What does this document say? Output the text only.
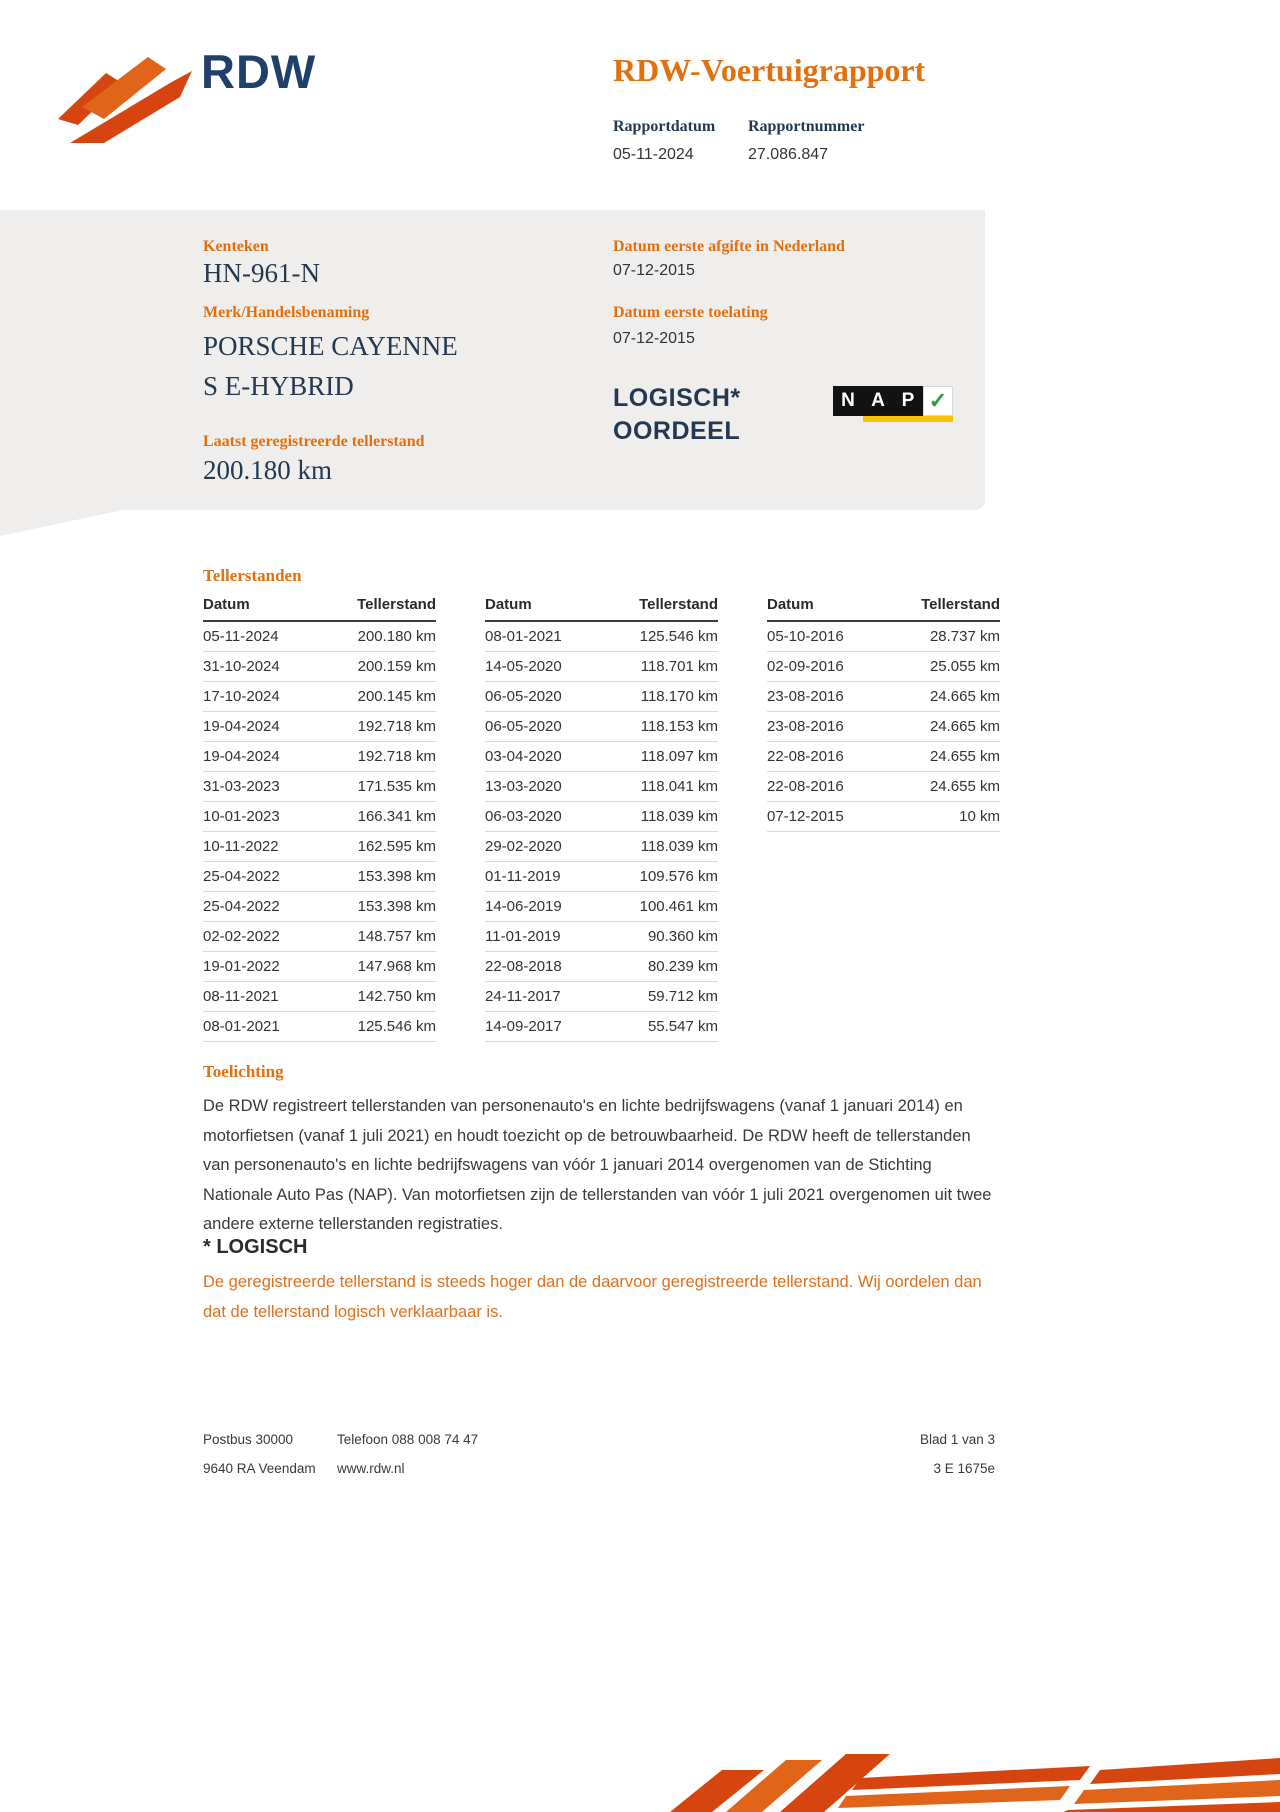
RDW	RDW-Voertuigrapport
Rapportdatum Rapportnummer
05-11-2024	27.086.847
Kenteken
HN-961-N
Merk/Handelsbenaming
PORSCHE CAYENNE
S E-HYBRID
Laatst geregistreerde tellerstand
200.180 km
Datum eerste afgifte in Nederland
07-12-2015
Datum eerste toelating
07-12-2015
LOGISCH*
OORDEEL
N A P ✓
Tellerstanden
Datum	Tellerstand
05-11-2024	200.180 km
31-10-2024	200.159 km
17-10-2024	200.145 km
19-04-2024	192.718 km
19-04-2024	192.718 km
31-03-2023	171.535 km
10-01-2023	166.341 km
10-11-2022	162.595 km
25-04-2022	153.398 km
25-04-2022	153.398 km
02-02-2022	148.757 km
19-01-2022	147.968 km
08-11-2021	142.750 km
08-01-2021	125.546 km
Datum	Tellerstand
08-01-2021	125.546 km
14-05-2020	118.701 km
06-05-2020	118.170 km
06-05-2020	118.153 km
03-04-2020	118.097 km
13-03-2020	118.041 km
06-03-2020	118.039 km
29-02-2020	118.039 km
01-11-2019	109.576 km
14-06-2019	100.461 km
11-01-2019	90.360 km
22-08-2018	80.239 km
24-11-2017	59.712 km
14-09-2017	55.547 km
Datum	Tellerstand
05-10-2016	28.737 km
02-09-2016	25.055 km
23-08-2016	24.665 km
23-08-2016	24.665 km
22-08-2016	24.655 km
22-08-2016	24.655 km
07-12-2015	10 km
Toelichting
De RDW registreert tellerstanden van personenauto's en lichte bedrijfswagens (vanaf 1 januari 2014) en motorfietsen (vanaf 1 juli 2021) en houdt toezicht op de betrouwbaarheid. De RDW heeft de tellerstanden van personenauto's en lichte bedrijfswagens van vóór 1 januari 2014 overgenomen van de Stichting Nationale Auto Pas (NAP). Van motorfietsen zijn de tellerstanden van vóór 1 juli 2021 overgenomen uit twee andere externe tellerstanden registraties.
* LOGISCH
De geregistreerde tellerstand is steeds hoger dan de daarvoor geregistreerde tellerstand. Wij oordelen dan dat de tellerstand logisch verklaarbaar is.
Postbus 30000	Telefoon 088 008 74 47	Blad 1 van 3
9640 RA Veendam www.rdw.nl	3 E 1675e
